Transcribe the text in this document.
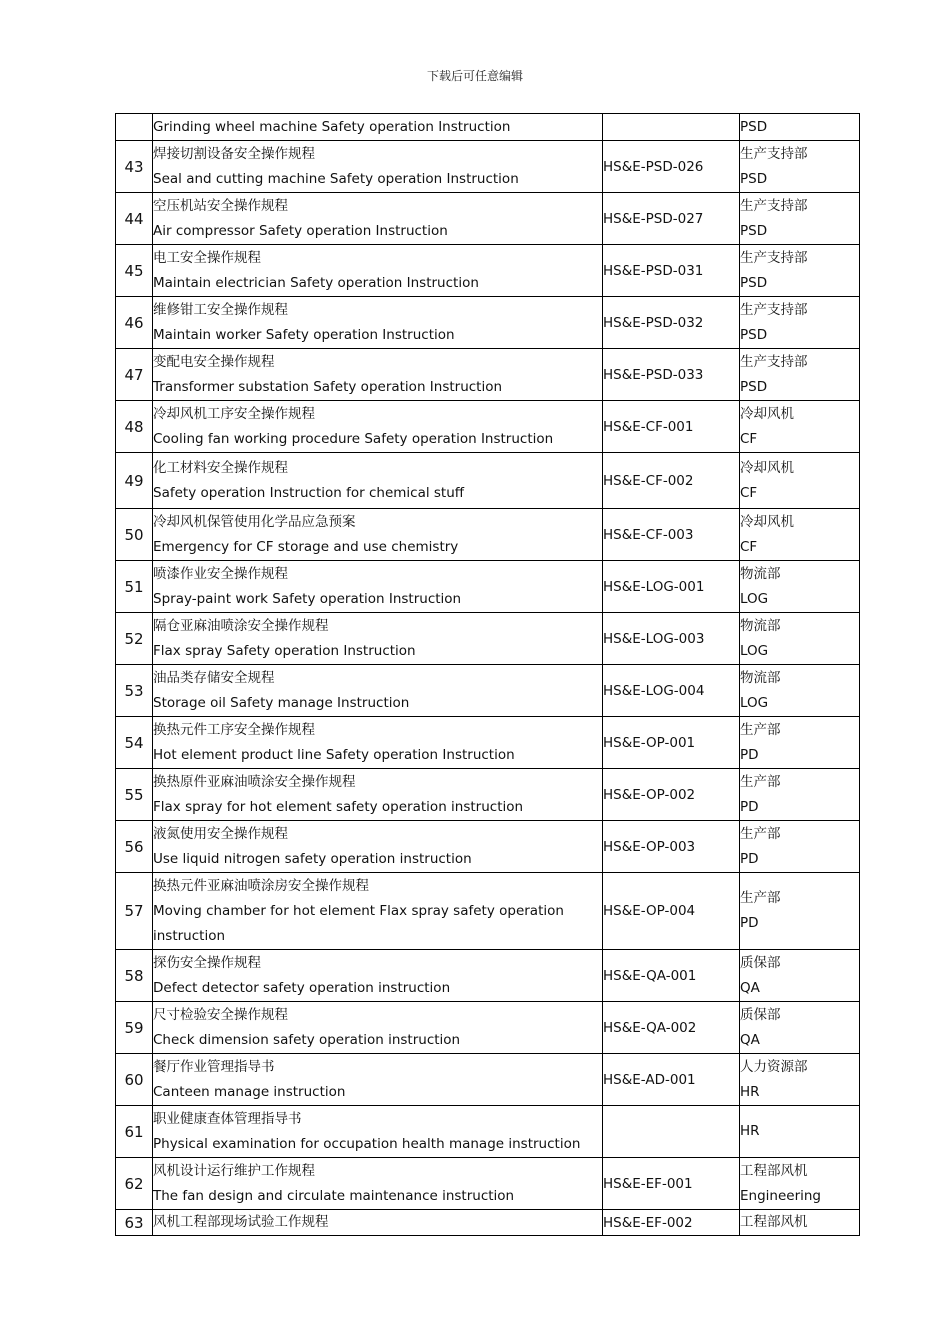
下载后可任意编辑

	Grinding wheel machine Safety operation Instruction		PSD

43	焊接切割设备安全操作规程
Seal and cutting machine Safety operation Instruction	HS&E-PSD-026	生产支持部
PSD

44	空压机站安全操作规程
Air compressor Safety operation Instruction	HS&E-PSD-027	生产支持部
PSD

45	电工安全操作规程
Maintain electrician Safety operation Instruction	HS&E-PSD-031	生产支持部
PSD

46	维修钳工安全操作规程
Maintain worker Safety operation Instruction	HS&E-PSD-032	生产支持部
PSD

47	变配电安全操作规程
Transformer substation Safety operation Instruction	HS&E-PSD-033	生产支持部
PSD

48	冷却风机工序安全操作规程
Cooling fan working procedure Safety operation Instruction	HS&E-CF-001	冷却风机
CF

49	化工材料安全操作规程
Safety operation Instruction for chemical stuff	HS&E-CF-002	冷却风机
CF

50	冷却风机保管使用化学品应急预案
Emergency for CF storage and use chemistry	HS&E-CF-003	冷却风机
CF

51	喷漆作业安全操作规程
Spray-paint work Safety operation Instruction	HS&E-LOG-001	物流部
LOG

52	隔仓亚麻油喷涂安全操作规程
Flax spray Safety operation Instruction	HS&E-LOG-003	物流部
LOG

53	油品类存储安全规程
Storage oil Safety manage Instruction	HS&E-LOG-004	物流部
LOG

54	换热元件工序安全操作规程
Hot element product line Safety operation Instruction	HS&E-OP-001	生产部
PD

55	换热原件亚麻油喷涂安全操作规程
Flax spray for hot element safety operation instruction	HS&E-OP-002	生产部
PD

56	液氮使用安全操作规程
Use liquid nitrogen safety operation instruction	HS&E-OP-003	生产部
PD

57	换热元件亚麻油喷涂房安全操作规程
Moving chamber for hot element Flax spray safety operation
instruction	HS&E-OP-004	生产部
PD

58	探伤安全操作规程
Defect detector safety operation instruction	HS&E-QA-001	质保部
QA

59	尺寸检验安全操作规程
Check dimension safety operation instruction	HS&E-QA-002	质保部
QA

60	餐厅作业管理指导书
Canteen manage instruction	HS&E-AD-001	人力资源部
HR

61	职业健康查体管理指导书
Physical examination for occupation health manage instruction		HR

62	风机设计运行维护工作规程
The fan design and circulate maintenance instruction	HS&E-EF-001	工程部风机
Engineering

63	风机工程部现场试验工作规程	HS&E-EF-002	工程部风机
